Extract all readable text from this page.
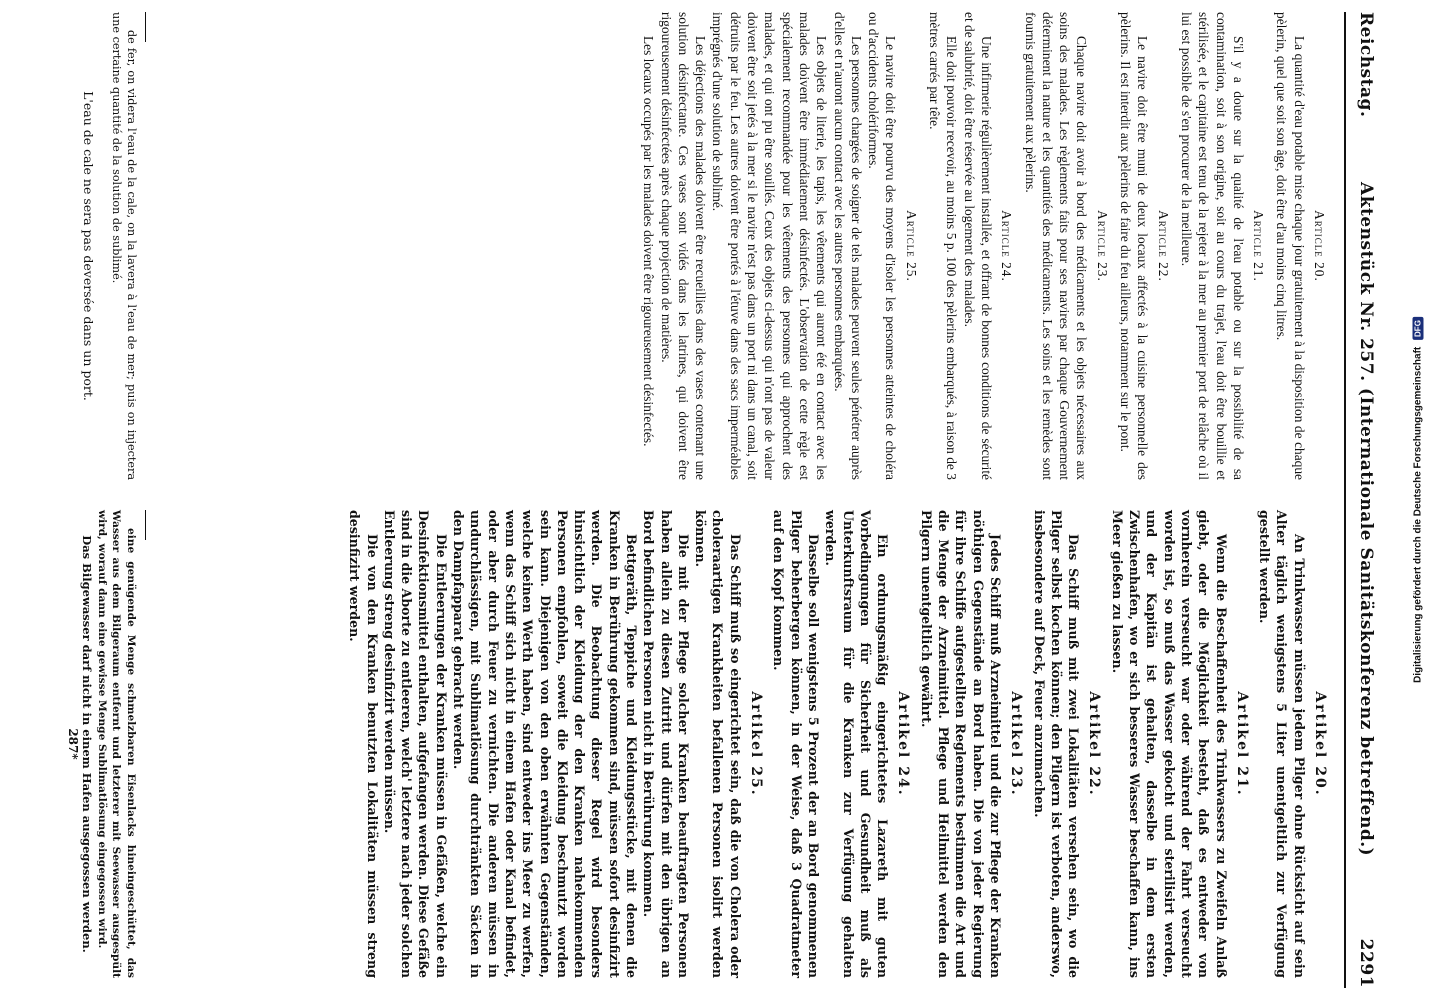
Reichstag.
Aktenstück Nr. 257. (Internationale Sanitätskonferenz betreffend.)
2291
Article 20.

La quantité d'eau potable mise chaque jour gratuitement à la disposition de chaque pèlerin, quel que soit son âge, doit être d'au moins cinq litres.

Article 21.

S'il y a doute sur la qualité de l'eau potable ou sur la possibilité de sa contamination, soit à son origine, soit au cours du trajet, l'eau doit être bouillie et stérilisée, et le capitaine est tenu de la rejeter à la mer au premier port de relâche où il lui est possible de s'en procurer de la meilleure.

Article 22.

Le navire doit être muni de deux locaux affectés à la cuisine personnelle des pèlerins. Il est interdit aux pèlerins de faire du feu ailleurs, notamment sur le pont.

Article 23.

Chaque navire doit avoir à bord des médicaments et les objets nécessaires aux soins des malades. Les règlements faits pour ses navires par chaque Gouvernement déterminent la nature et les quantités des médicaments. Les soins et les remèdes sont fournis gratuitement aux pèlerins.

Article 24.

Une infirmerie régulièrement installée, et offrant de bonnes conditions de sécurité et de salubrité, doit être réservée au logement des malades.

Elle doit pouvoir recevoir, au moins 5 p. 100 des pèlerins embarqués, à raison de 3 mètres carrés par tête.

Article 25.

Le navire doit être pourvu des moyens d'isoler les personnes atteintes de choléra ou d'accidents cholériformes.

Les personnes chargées de soigner de tels malades peuvent seules pénétrer auprès d'elles et n'auront aucun contact avec les autres personnes embarquées.

Les objets de literie, les tapis, les vêtements qui auront été en contact avec les malades doivent être immédiatement désinfectés. L'observation de cette règle est spécialement recommandée pour les vêtements des personnes qui approchent des malades, et qui ont pu être souillés. Ceux des objets ci-dessus qui n'ont pas de valeur doivent être soit jetés à la mer si le navire n'est pas dans un port ni dans un canal, soit détruits par le feu. Les autres doivent être portés à l'étuve dans des sacs imperméables imprégnés d'une solution de sublimé.

Les déjections des malades doivent être recueillies dans des vases contenant une solution désinfectante. Ces vases sont vidés dans les latrines, qui doivent être rigoureusement désinfectées après chaque projection de matières.

Les locaux occupés par les malades doivent être rigoureusement désinfectés.

Artikel 20.

An Trinkwasser müssen jedem Pilger ohne Rücksicht auf sein Alter täglich wenigstens 5 Liter unentgeltlich zur Verfügung gestellt werden.

Artikel 21.

Wenn die Beschaffenheit des Trinkwassers zu Zweifeln Anlaß giebt, oder die Möglichkeit besteht, daß es entweder von vornherein verseucht war oder während der Fahrt verseucht worden ist, so muß das Wasser gekocht und sterilisirt werden, und der Kapitän ist gehalten, dasselbe in dem ersten Zwischenhafen, wo er sich besseres Wasser beschaffen kann, ins Meer gießen zu lassen.

Artikel 22.

Das Schiff muß mit zwei Lokalitäten versehen sein, wo die Pilger selbst kochen können; den Pilgern ist verboten, anderswo, insbesondere auf Deck, Feuer anzumachen.

Artikel 23.

Jedes Schiff muß Arzneimittel und die zur Pflege der Kranken nöthigen Gegenstände an Bord haben. Die von jeder Regierung für ihre Schiffe aufgestellten Reglements bestimmen die Art und die Menge der Arzneimittel. Pflege und Heilmittel werden den Pilgern unentgeltlich gewährt.

Artikel 24.

Ein ordnungsmäßig eingerichtetes Lazareth mit guten Vorbedingungen für Sicherheit und Gesundheit muß als Unterkunftsraum für die Kranken zur Verfügung gehalten werden.

Dasselbe soll wenigstens 5 Prozent der an Bord genommenen Pilger beherbergen können, in der Weise, daß 3 Quadratmeter auf den Kopf kommen.

Artikel 25.

Das Schiff muß so eingerichtet sein, daß die von Cholera oder choleraartigen Krankheiten befallenen Personen isolirt werden können.

Die mit der Pflege solcher Kranken beauftragten Personen haben allein zu diesen Zutritt und dürfen mit den übrigen an Bord befindlichen Personen nicht in Berührung kommen.

Bettgeräth, Teppiche und Kleidungsstücke, mit denen die Kranken in Berührung gekommen sind, müssen sofort desinfizirt werden. Die Beobachtung dieser Regel wird besonders hinsichtlich der Kleidung der den Kranken nahekommenden Personen empfohlen, soweit die Kleidung beschmutzt worden sein kann. Diejenigen von den oben erwähnten Gegenständen, welche keinen Werth haben, sind entweder ins Meer zu werfen, wenn das Schiff sich nicht in einem Hafen oder Kanal befindet, oder aber durch Feuer zu vernichten. Die anderen müssen in undurchlässigen, mit Sublimatlösung durchtränkten Säcken in den Dampfapparat gebracht werden.

Die Entleerungen der Kranken müssen in Gefäßen, welche ein Desinfektionsmittel enthalten, aufgefangen werden. Diese Gefäße sind in die Aborte zu entleeren, welch' letztere nach jeder solchen Entleerung streng desinfizirt werden müssen.

Die von den Kranken benutzten Lokalitäten müssen streng desinfizirt werden.

de fer, on videra l'eau de la cale, on la lavera à l'eau de mer; puis on injectera une certaine quantité de la solution de sublimé.

L'eau de cale ne sera pas deversée dans un port.

eine genügende Menge schmelzbaren Eisenlacks hineingeschüttet, das Wasser aus dem Bilgeraum entfernt und letzterer mit Seewasser ausgespült wird, worauf dann eine gewisse Menge Sublimatlösung eingegossen wird.

Das Bilgewasser darf nicht in einem Hafen ausgegossen werden.
287*
Digitalisierung gefördert durch die Deutsche Forschungsgemeinschaft DFG
